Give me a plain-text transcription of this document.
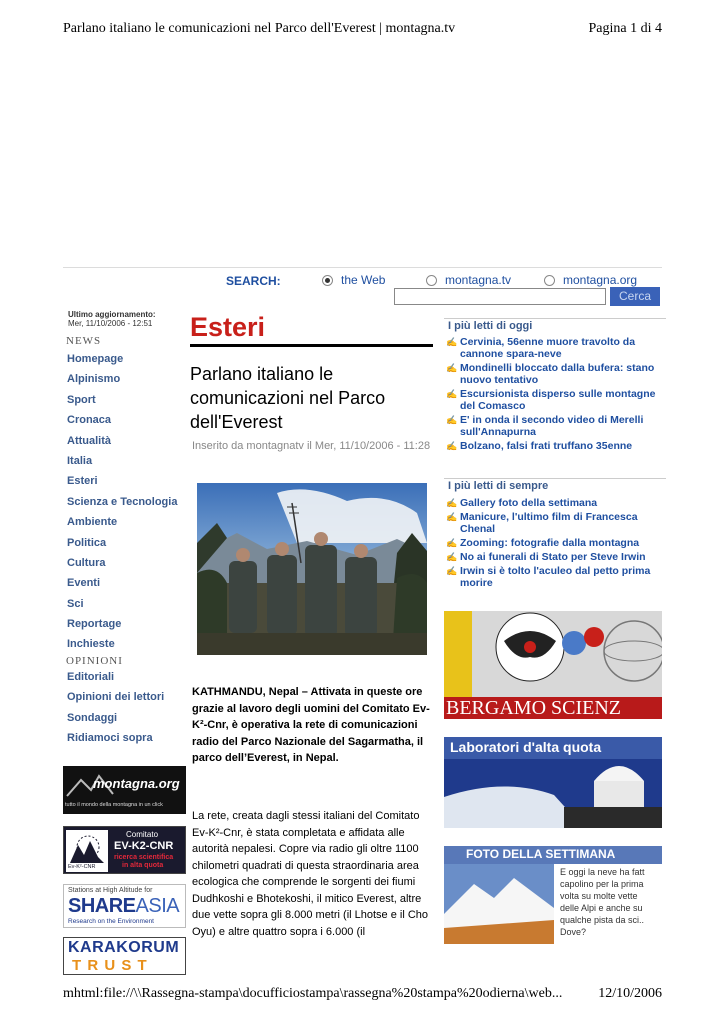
Parlano italiano le comunicazioni nel Parco dell'Everest | montagna.tv	Pagina 1 di 4
mhtml:file://\\Rassegna-stampa\docufficiostampa\rassegna%20stampa%20odierna\web...	12/10/2006
SEARCH:	the Web	montagna.tv	montagna.org
Cerca
Ultimo aggiornamento:
Mer, 11/10/2006 - 12:51
NEWS
Homepage
Alpinismo
Sport
Cronaca
Attualità
Italia
Esteri
Scienza e Tecnologia
Ambiente
Politica
Cultura
Eventi
Sci
Reportage
Inchieste
OPINIONI
Editoriali
Opinioni dei lettori
Sondaggi
Ridiamoci sopra
montagna.org
tutto il mondo della montagna in un click
Ev-K²-CNR
Comitato
EV-K2-CNR
ricerca scientifica
in alta quota
Stations at High Altitude for
SHAREASIA
Research on the Environment
KARAKORUM
T R U S T
Esteri
Parlano italiano le comunicazioni nel Parco dell'Everest
Inserito da montagnatv il Mer, 11/10/2006 - 11:28
KATHMANDU, Nepal – Attivata in queste ore grazie al lavoro degli uomini del Comitato Ev-K²-Cnr, è operativa la rete di comunicazioni radio del Parco Nazionale del Sagarmatha, il parco dell’Everest, in Nepal.
La rete, creata dagli stessi italiani del Comitato Ev-K²-Cnr, è stata completata e affidata alle autorità nepalesi. Copre via radio gli oltre 1100 chilometri quadrati di questa straordinaria area ecologica che comprende le sorgenti dei fiumi Dudhkoshi e Bhotekoshi, il mitico Everest, altre due vette sopra gli 8.000 metri (il Lhotse e il Cho Oyu) e altre quattro sopra i 6.000 (il
I più letti di oggi
✍ Cervinia, 56enne muore travolto da
cannone spara-neve
✍ Mondinelli bloccato dalla bufera: stano
nuovo tentativo
✍ Escursionista disperso sulle montagne
del Comasco
✍ E' in onda il secondo video di Merelli
sull'Annapurna
✍ Bolzano, falsi frati truffano 35enne
I più letti di sempre
✍ Gallery foto della settimana
✍ Manicure, l'ultimo film di Francesca
Chenal
✍ Zooming: fotografie dalla montagna
✍ No ai funerali di Stato per Steve Irwin
✍ Irwin si è tolto l'aculeo dal petto prima
morire
BERGAMO SCIENZ
Laboratori d'alta quota
FOTO DELLA SETTIMANA
E oggi la neve ha fatt
capolino per la prima
volta su molte vette
delle Alpi e anche su
qualche pista da sci..
Dove?
